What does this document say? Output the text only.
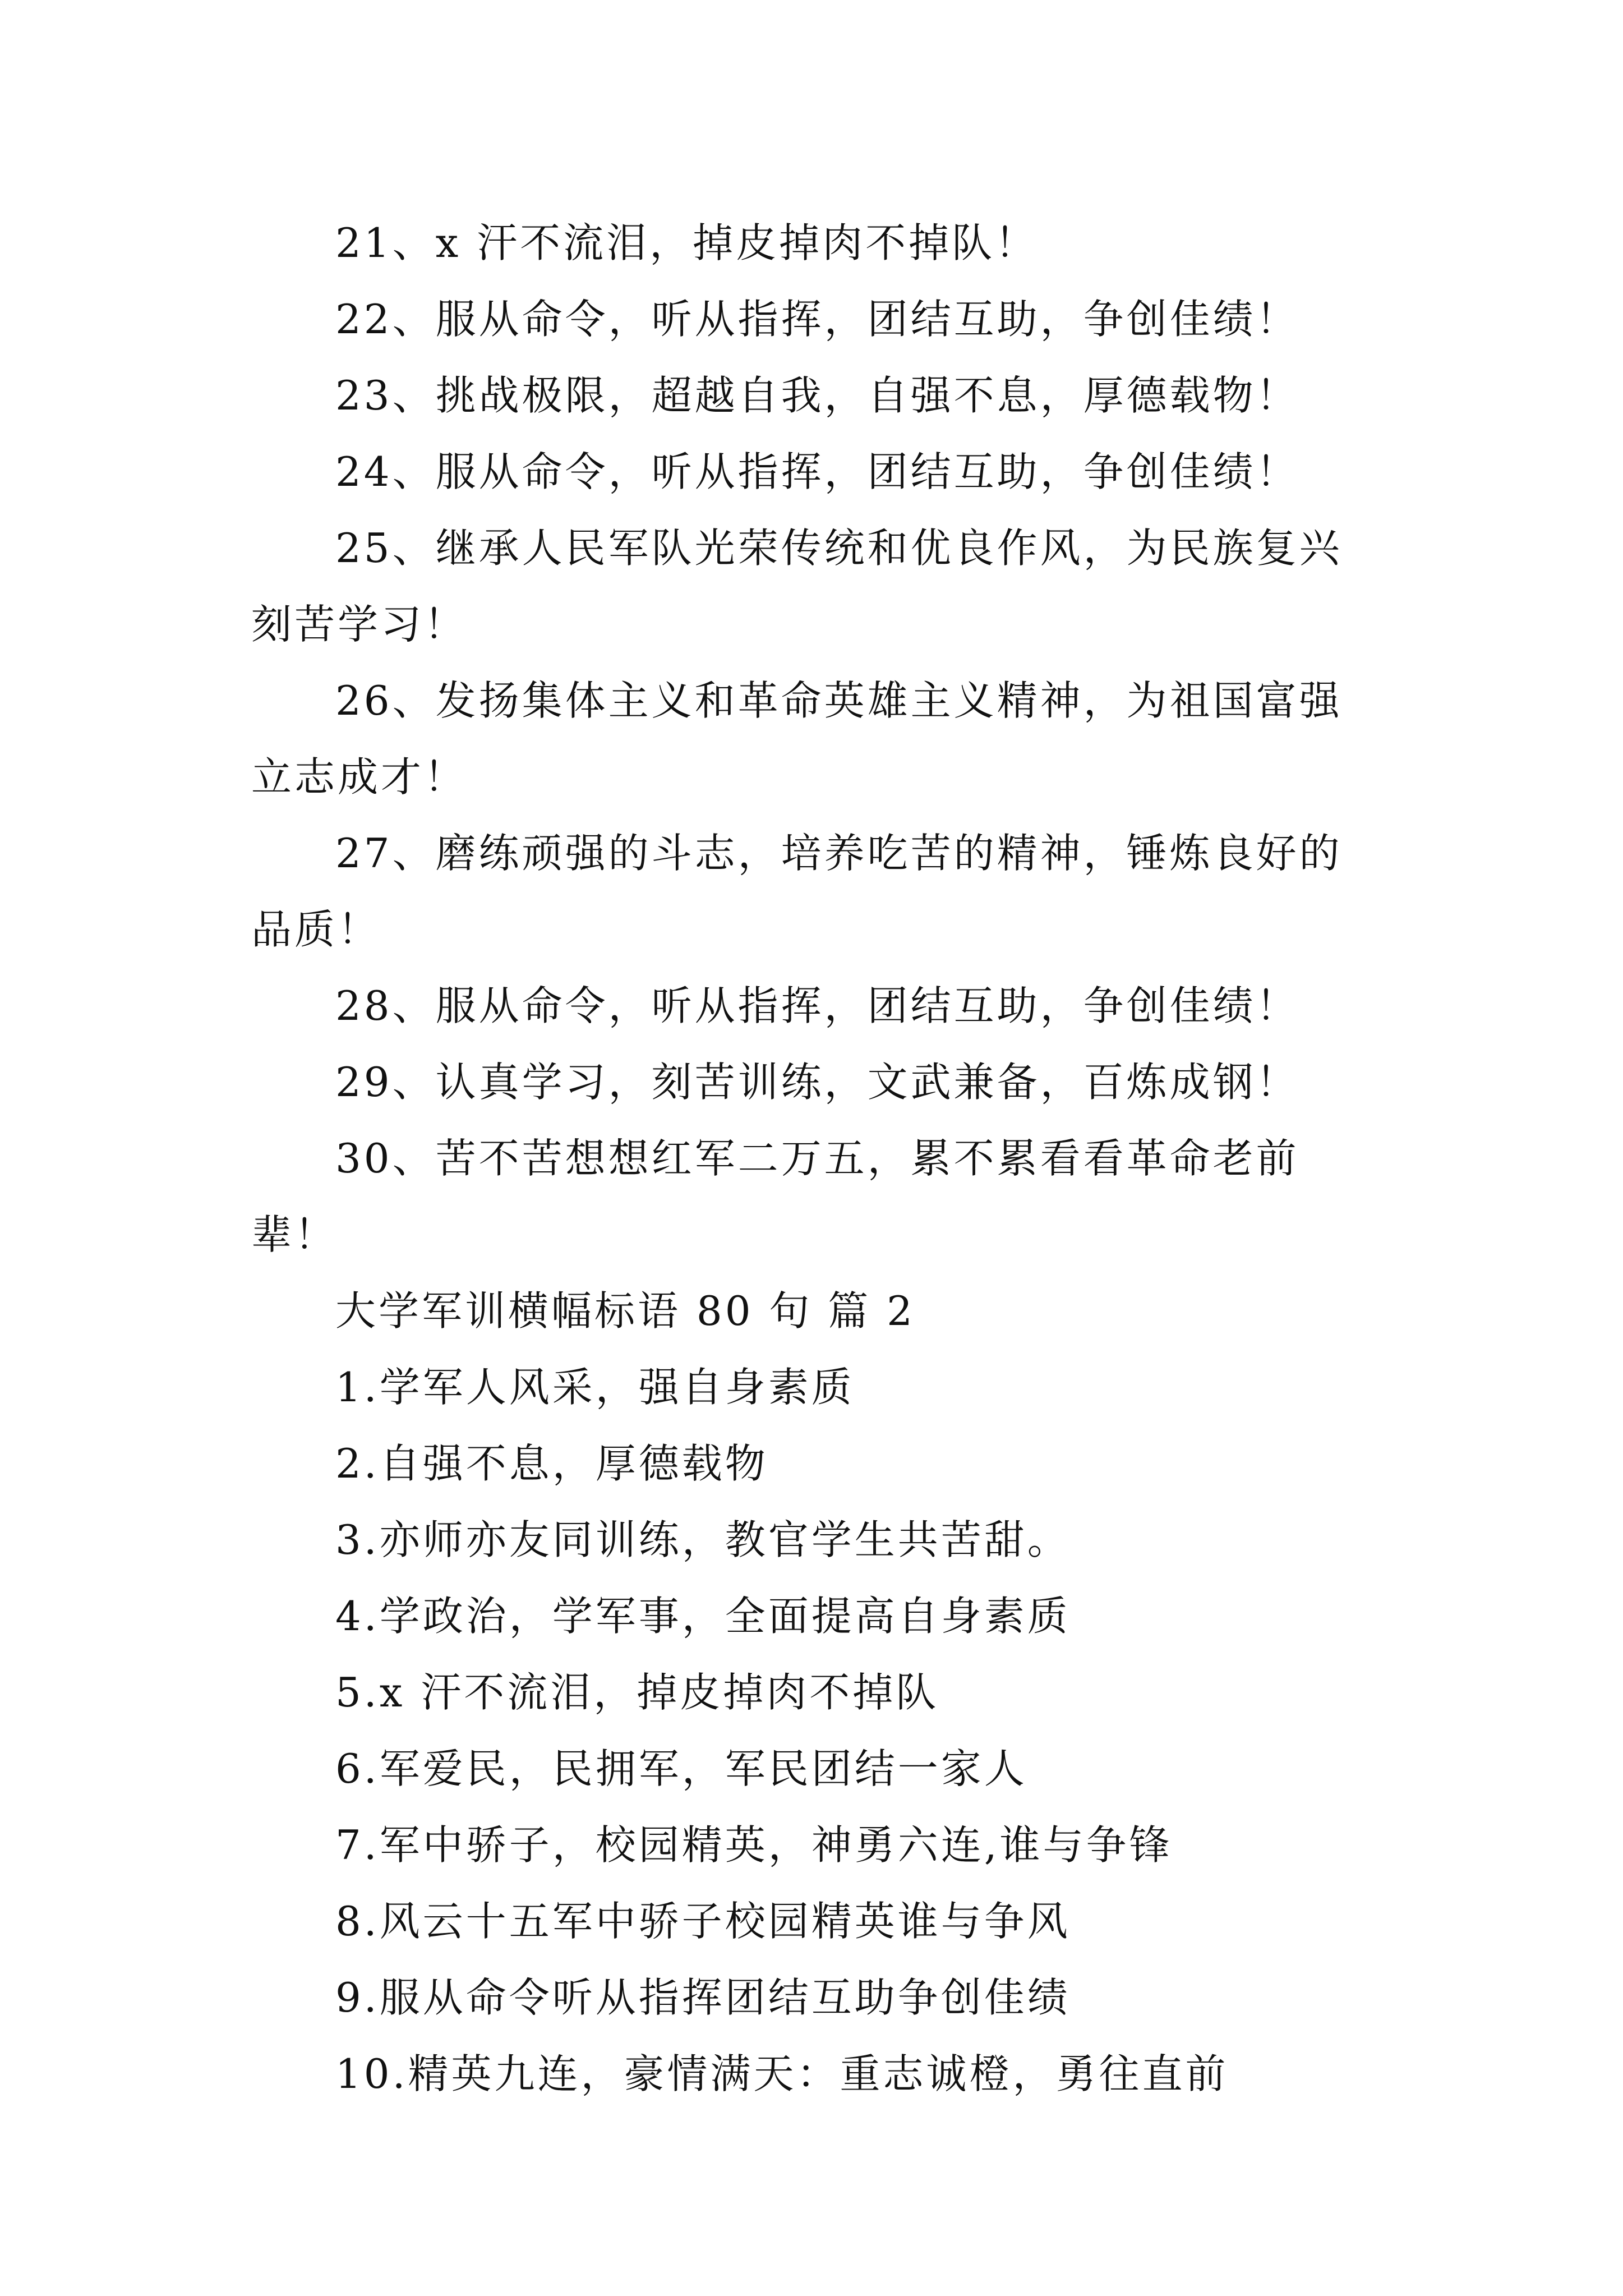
21、x 汗不流泪，掉皮掉肉不掉队！

22、服从命令，听从指挥，团结互助，争创佳绩！

23、挑战极限，超越自我，自强不息，厚德载物！

24、服从命令，听从指挥，团结互助，争创佳绩！

25、继承人民军队光荣传统和优良作风，为民族复兴刻苦学习！

26、发扬集体主义和革命英雄主义精神，为祖国富强立志成才！

27、磨练顽强的斗志，培养吃苦的精神，锤炼良好的品质！

28、服从命令，听从指挥，团结互助，争创佳绩！

29、认真学习，刻苦训练，文武兼备，百炼成钢！

30、苦不苦想想红军二万五，累不累看看革命老前辈！

大学军训横幅标语 80 句 篇 2

1.学军人风采，强自身素质

2.自强不息，厚德载物

3.亦师亦友同训练，教官学生共苦甜。

4.学政治，学军事，全面提高自身素质

5.x 汗不流泪，掉皮掉肉不掉队

6.军爱民，民拥军，军民团结一家人

7.军中骄子，校园精英，神勇六连,谁与争锋

8.风云十五军中骄子校园精英谁与争风

9.服从命令听从指挥团结互助争创佳绩

10.精英九连，豪情满天：重志诚橙，勇往直前
